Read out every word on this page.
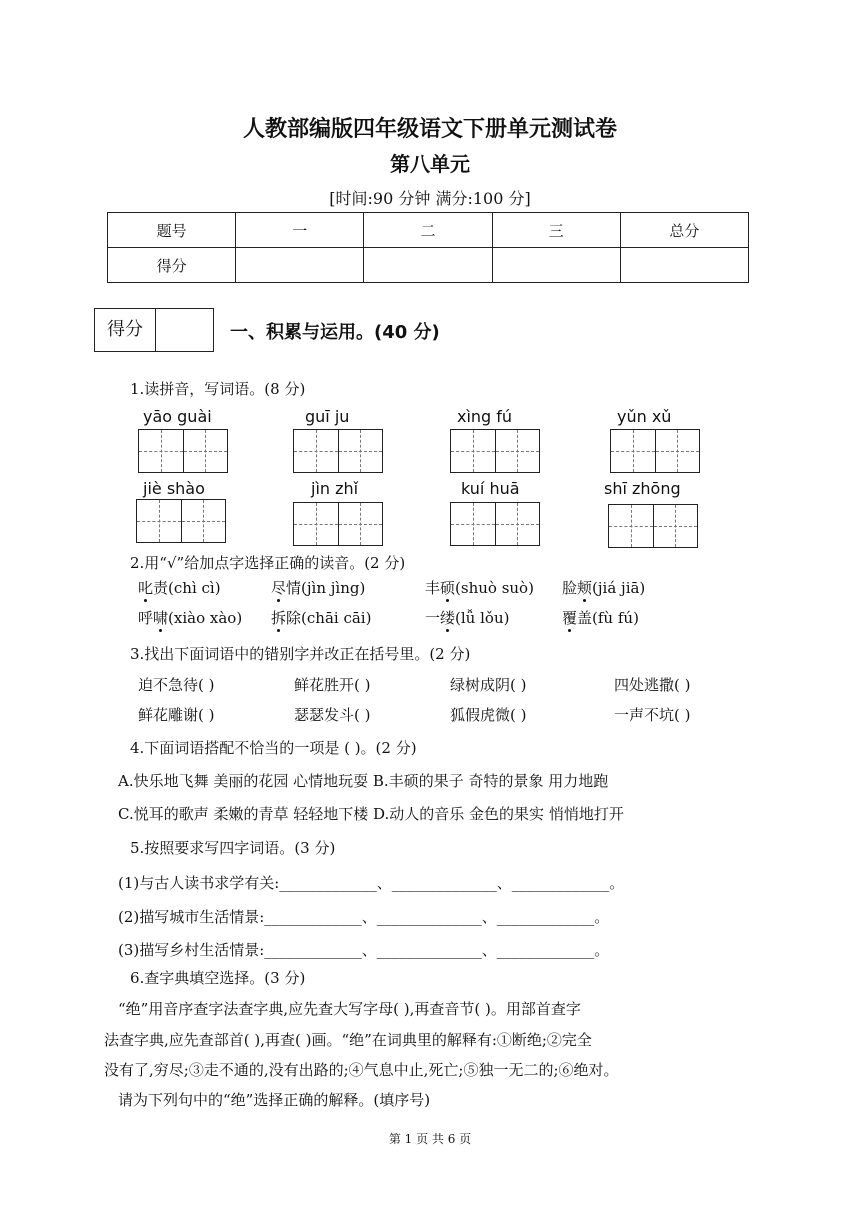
人教部编版四年级语文下册单元测试卷
第八单元
[时间:90 分钟 满分:100 分]
题号	一	二	三	总分
得分				
得分	一、积累与运用。(40 分)
1.读拼音，写词语。(8 分)
yāo guài	guī ju	xìng fú	yǔn xǔ
jiè shào	jìn zhǐ	kuí huā	shī zhōng
2.用“√”给加点字选择正确的读音。(2 分)
叱责(chì cì)	尽情(jìn jìng)	丰硕(shuò suò) 脸颊(jiá jiā)
呼啸(xiào xào) 拆除(chāi cāi)	一缕(lǚ lǒu)	覆盖(fù fú)
3.找出下面词语中的错别字并改正在括号里。(2 分)
迫不急待( )	鲜花胜开( )	绿树成阴( )	四处逃撒( )
鲜花雕谢( )	瑟瑟发斗( )	狐假虎微( )	一声不坑( )
4.下面词语搭配不恰当的一项是 ( )。(2 分)
A.快乐地飞舞 美丽的花园 心情地玩耍 B.丰硕的果子 奇特的景象 用力地跑
C.悦耳的歌声 柔嫩的青草 轻轻地下楼 D.动人的音乐 金色的果实 悄悄地打开
5.按照要求写四字词语。(3 分)
(1)与古人读书求学有关:_____________、______________、_____________。
(2)描写城市生活情景:_____________、______________、_____________。
(3)描写乡村生活情景:_____________、______________、_____________。
6.查字典填空选择。(3 分)
“绝”用音序查字法查字典,应先查大写字母( ),再查音节( )。用部首查字
法查字典,应先查部首( ),再查( )画。“绝”在词典里的解释有:①断绝;②完全
没有了,穷尽;③走不通的,没有出路的;④气息中止,死亡;⑤独一无二的;⑥绝对。
请为下列句中的“绝”选择正确的解释。(填序号)
第 1 页 共 6 页
